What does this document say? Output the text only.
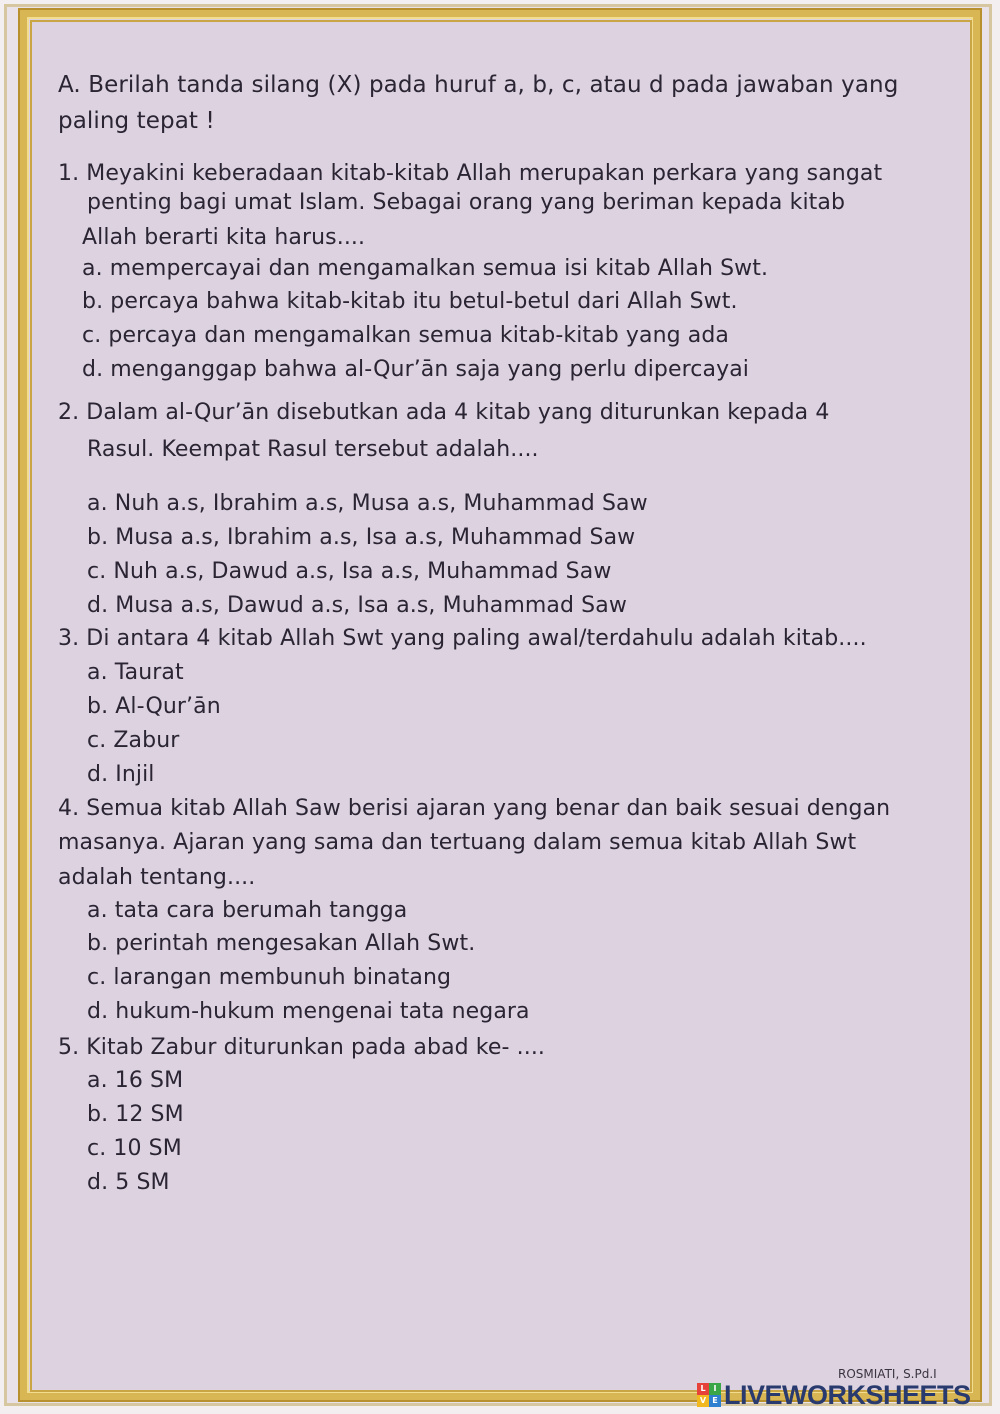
A. Berilah tanda silang (X) pada huruf a, b, c, atau d pada jawaban yang
paling tepat !
1. Meyakini keberadaan kitab-kitab Allah merupakan perkara yang sangat
penting bagi umat Islam. Sebagai orang yang beriman kepada kitab
Allah berarti kita harus....
a. mempercayai dan mengamalkan semua isi kitab Allah Swt.
b. percaya bahwa kitab-kitab itu betul-betul dari Allah Swt.
c. percaya dan mengamalkan semua kitab-kitab yang ada
d. menganggap bahwa al-Qur’ān saja yang perlu dipercayai
2. Dalam al-Qur’ān disebutkan ada 4 kitab yang diturunkan kepada 4
Rasul. Keempat Rasul tersebut adalah....
a. Nuh a.s, Ibrahim a.s, Musa a.s, Muhammad Saw
b. Musa a.s, Ibrahim a.s, Isa a.s, Muhammad Saw
c. Nuh a.s, Dawud a.s, Isa a.s, Muhammad Saw
d. Musa a.s, Dawud a.s, Isa a.s, Muhammad Saw
3. Di antara 4 kitab Allah Swt yang paling awal/terdahulu adalah kitab....
a. Taurat
b. Al-Qur’ān
c. Zabur
d. Injil
4. Semua kitab Allah Saw berisi ajaran yang benar dan baik sesuai dengan
masanya. Ajaran yang sama dan tertuang dalam semua kitab Allah Swt
adalah tentang....
a. tata cara berumah tangga
b. perintah mengesakan Allah Swt.
c. larangan membunuh binatang
d. hukum-hukum mengenai tata negara
5. Kitab Zabur diturunkan pada abad ke- ....
a. 16 SM
b. 12 SM
c. 10 SM
d. 5 SM
ROSMIATI, S.Pd.I
L I
V E LIVEWORKSHEETS
